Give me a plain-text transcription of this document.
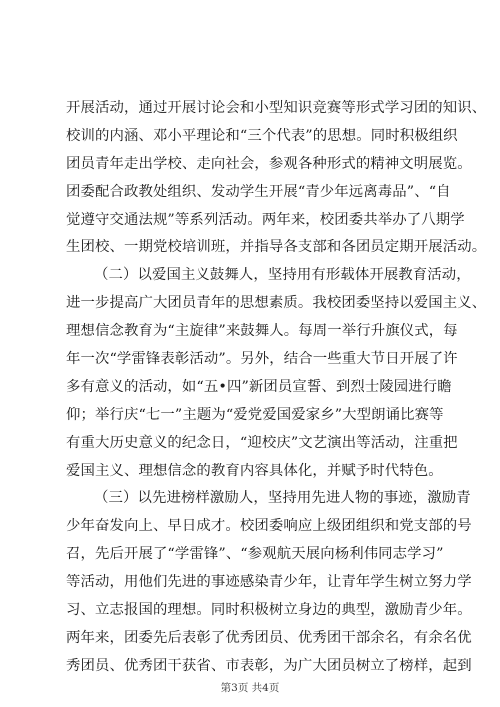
开展活动，通过开展讨论会和小型知识竞赛等形式学习团的知识、
校训的内涵、邓小平理论和“三个代表”的思想。同时积极组织
团员青年走出学校、走向社会，参观各种形式的精神文明展览。
团委配合政教处组织、发动学生开展“青少年远离毒品”、“自
觉遵守交通法规”等系列活动。两年来，校团委共举办了八期学
生团校、一期党校培训班，并指导各支部和各团员定期开展活动。
（二）以爱国主义鼓舞人，坚持用有形载体开展教育活动，
进一步提高广大团员青年的思想素质。我校团委坚持以爱国主义、
理想信念教育为“主旋律”来鼓舞人。每周一举行升旗仪式，每
年一次“学雷锋表彰活动”。另外，结合一些重大节日开展了许
多有意义的活动，如“五•四”新团员宣誓、到烈士陵园进行瞻
仰；举行庆“七一”主题为“爱党爱国爱家乡”大型朗诵比赛等
有重大历史意义的纪念日，“迎校庆”文艺演出等活动，注重把
爱国主义、理想信念的教育内容具体化，并赋予时代特色。
（三）以先进榜样激励人，坚持用先进人物的事迹，激励青
少年奋发向上、早日成才。校团委响应上级团组织和党支部的号
召，先后开展了“学雷锋”、“参观航天展向杨利伟同志学习”
等活动，用他们先进的事迹感染青少年，让青年学生树立努力学
习、立志报国的理想。同时积极树立身边的典型，激励青少年。
两年来，团委先后表彰了优秀团员、优秀团干部余名，有余名优
秀团员、优秀团干获省、市表彰，为广大团员树立了榜样，起到
第3页 共4页
